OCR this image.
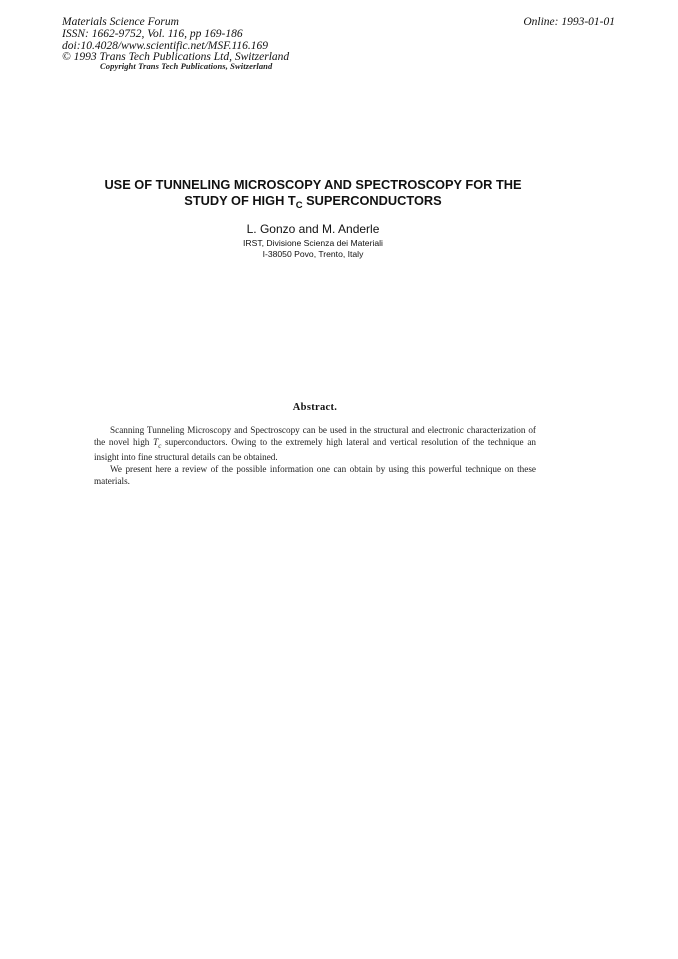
Materials Science Forum
ISSN: 1662-9752, Vol. 116, pp 169-186
doi:10.4028/www.scientific.net/MSF.116.169
© 1993 Trans Tech Publications Ltd, Switzerland
Online: 1993-01-01
Copyright Trans Tech Publications, Switzerland
USE OF TUNNELING MICROSCOPY AND SPECTROSCOPY FOR THE
STUDY OF HIGH $T_C$ SUPERCONDUCTORS
L. Gonzo and M. Anderle
IRST, Divisione Scienza dei Materiali
I-38050 Povo, Trento, Italy
Abstract.

Scanning Tunneling Microscopy and Spectroscopy can be used in the structural and electronic characterization of the novel high $T_c$ superconductors. Owing to the extremely high lateral and vertical resolution of the technique an insight into fine structural details can be obtained.

We present here a review of the possible information one can obtain by using this powerful technique on these materials.
